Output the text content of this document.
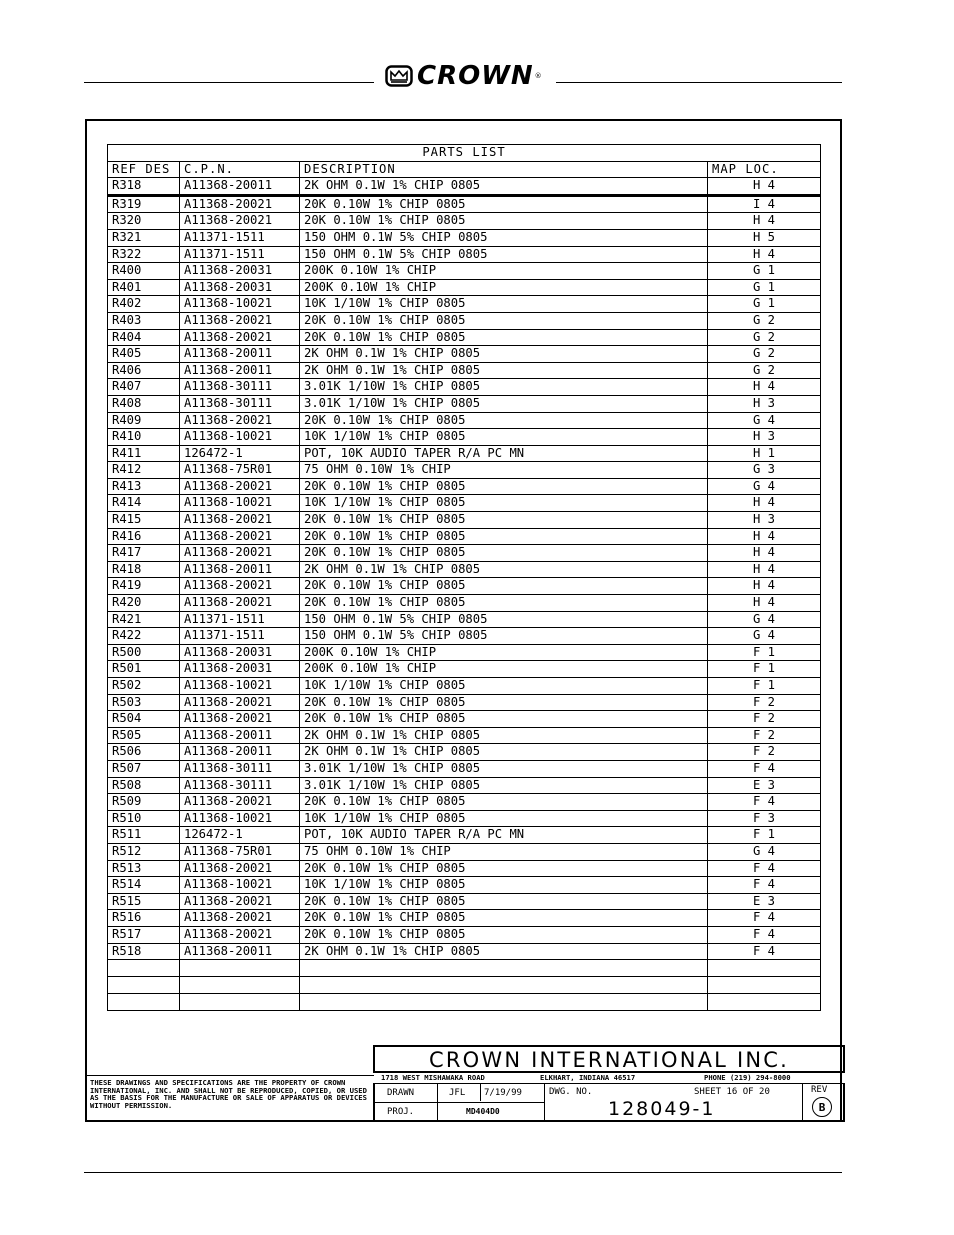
CROWN ®
PARTS LIST			
REF DES	C.P.N.	DESCRIPTION	MAP LOC.
R318	A11368-20011	2K OHM 0.1W 1% CHIP 0805	H 4
R319	A11368-20021	20K 0.10W 1% CHIP 0805	I 4
R320	A11368-20021	20K 0.10W 1% CHIP 0805	H 4
R321	A11371-1511	150 OHM 0.1W 5% CHIP 0805	H 5
R322	A11371-1511	150 OHM 0.1W 5% CHIP 0805	H 4
R400	A11368-20031	200K 0.10W 1% CHIP	G 1
R401	A11368-20031	200K 0.10W 1% CHIP	G 1
R402	A11368-10021	10K 1/10W 1% CHIP 0805	G 1
R403	A11368-20021	20K 0.10W 1% CHIP 0805	G 2
R404	A11368-20021	20K 0.10W 1% CHIP 0805	G 2
R405	A11368-20011	2K OHM 0.1W 1% CHIP 0805	G 2
R406	A11368-20011	2K OHM 0.1W 1% CHIP 0805	G 2
R407	A11368-30111	3.01K 1/10W 1% CHIP 0805	H 4
R408	A11368-30111	3.01K 1/10W 1% CHIP 0805	H 3
R409	A11368-20021	20K 0.10W 1% CHIP 0805	G 4
R410	A11368-10021	10K 1/10W 1% CHIP 0805	H 3
R411	126472-1	POT, 10K AUDIO TAPER R/A PC MN	H 1
R412	A11368-75R01	75 OHM 0.10W 1% CHIP	G 3
R413	A11368-20021	20K 0.10W 1% CHIP 0805	G 4
R414	A11368-10021	10K 1/10W 1% CHIP 0805	H 4
R415	A11368-20021	20K 0.10W 1% CHIP 0805	H 3
R416	A11368-20021	20K 0.10W 1% CHIP 0805	H 4
R417	A11368-20021	20K 0.10W 1% CHIP 0805	H 4
R418	A11368-20011	2K OHM 0.1W 1% CHIP 0805	H 4
R419	A11368-20021	20K 0.10W 1% CHIP 0805	H 4
R420	A11368-20021	20K 0.10W 1% CHIP 0805	H 4
R421	A11371-1511	150 OHM 0.1W 5% CHIP 0805	G 4
R422	A11371-1511	150 OHM 0.1W 5% CHIP 0805	G 4
R500	A11368-20031	200K 0.10W 1% CHIP	F 1
R501	A11368-20031	200K 0.10W 1% CHIP	F 1
R502	A11368-10021	10K 1/10W 1% CHIP 0805	F 1
R503	A11368-20021	20K 0.10W 1% CHIP 0805	F 2
R504	A11368-20021	20K 0.10W 1% CHIP 0805	F 2
R505	A11368-20011	2K OHM 0.1W 1% CHIP 0805	F 2
R506	A11368-20011	2K OHM 0.1W 1% CHIP 0805	F 2
R507	A11368-30111	3.01K 1/10W 1% CHIP 0805	F 4
R508	A11368-30111	3.01K 1/10W 1% CHIP 0805	E 3
R509	A11368-20021	20K 0.10W 1% CHIP 0805	F 4
R510	A11368-10021	10K 1/10W 1% CHIP 0805	F 3
R511	126472-1	POT, 10K AUDIO TAPER R/A PC MN	F 1
R512	A11368-75R01	75 OHM 0.10W 1% CHIP	G 4
R513	A11368-20021	20K 0.10W 1% CHIP 0805	F 4
R514	A11368-10021	10K 1/10W 1% CHIP 0805	F 4
R515	A11368-20021	20K 0.10W 1% CHIP 0805	E 3
R516	A11368-20021	20K 0.10W 1% CHIP 0805	F 4
R517	A11368-20021	20K 0.10W 1% CHIP 0805	F 4
R518	A11368-20011	2K OHM 0.1W 1% CHIP 0805	F 4

CROWN INTERNATIONAL INC.
1718 WEST MISHAWAKA ROAD	ELKHART, INDIANA 46517	PHONE (219) 294-8000
DRAWN	JFL 7/19/99
PROJ.	MD404D0
DWG. NO.	SHEET 16 OF 20
128049-1
REV
B
THESE DRAWINGS AND SPECIFICATIONS ARE THE PROPERTY OF CROWN INTERNATIONAL, INC. AND SHALL NOT BE REPRODUCED, COPIED, OR USED AS THE BASIS FOR THE MANUFACTURE OR SALE OF APPARATUS OR DEVICES WITHOUT PERMISSION.
